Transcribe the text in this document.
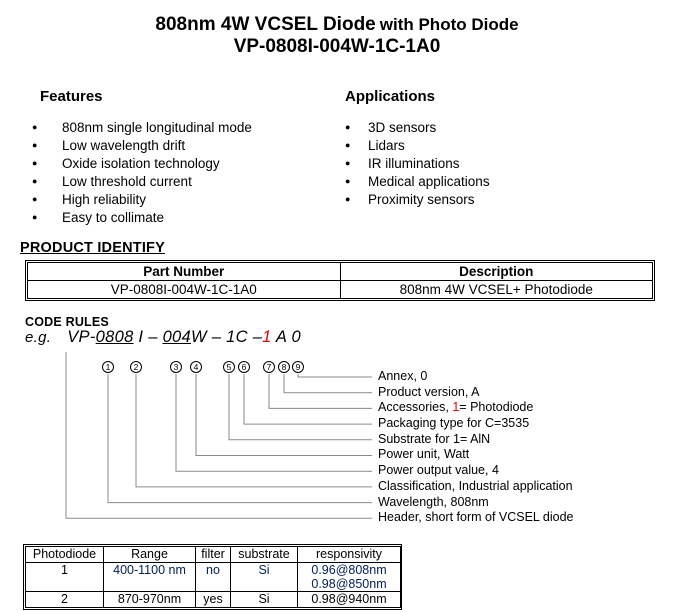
808nm 4W VCSEL Diode with Photo Diode
VP-0808I-004W-1C-1A0
Features
●	808nm single longitudinal mode
●	Low wavelength drift
●	Oxide isolation technology
●	Low threshold current
●	High reliability
●	Easy to collimate
Applications
●	3D sensors
●	Lidars
●	IR illuminations
●	Medical applications
●	Proximity sensors
PRODUCT IDENTIFY
Part Number	Description
VP-0808I-004W-1C-1A0	808nm 4W VCSEL+ Photodiode
CODE RULES
e.g. VP-0808 I – 004W – 1C –1 A 0
1	2	3	4	5	6	7	8	9
Annex, 0
Product version, A
Accessories, 1= Photodiode
Packaging type for C=3535
Substrate for 1= AlN
Power unit, Watt
Power output value, 4
Classification, Industrial application
Wavelength, 808nm
Header, short form of VCSEL diode
Photodiode	Range	filter	substrate	responsivity
1	400-1100 nm	no	Si	0.96@808nm
0.98@850nm

2	870-970nm	yes	Si	0.98@940nm
